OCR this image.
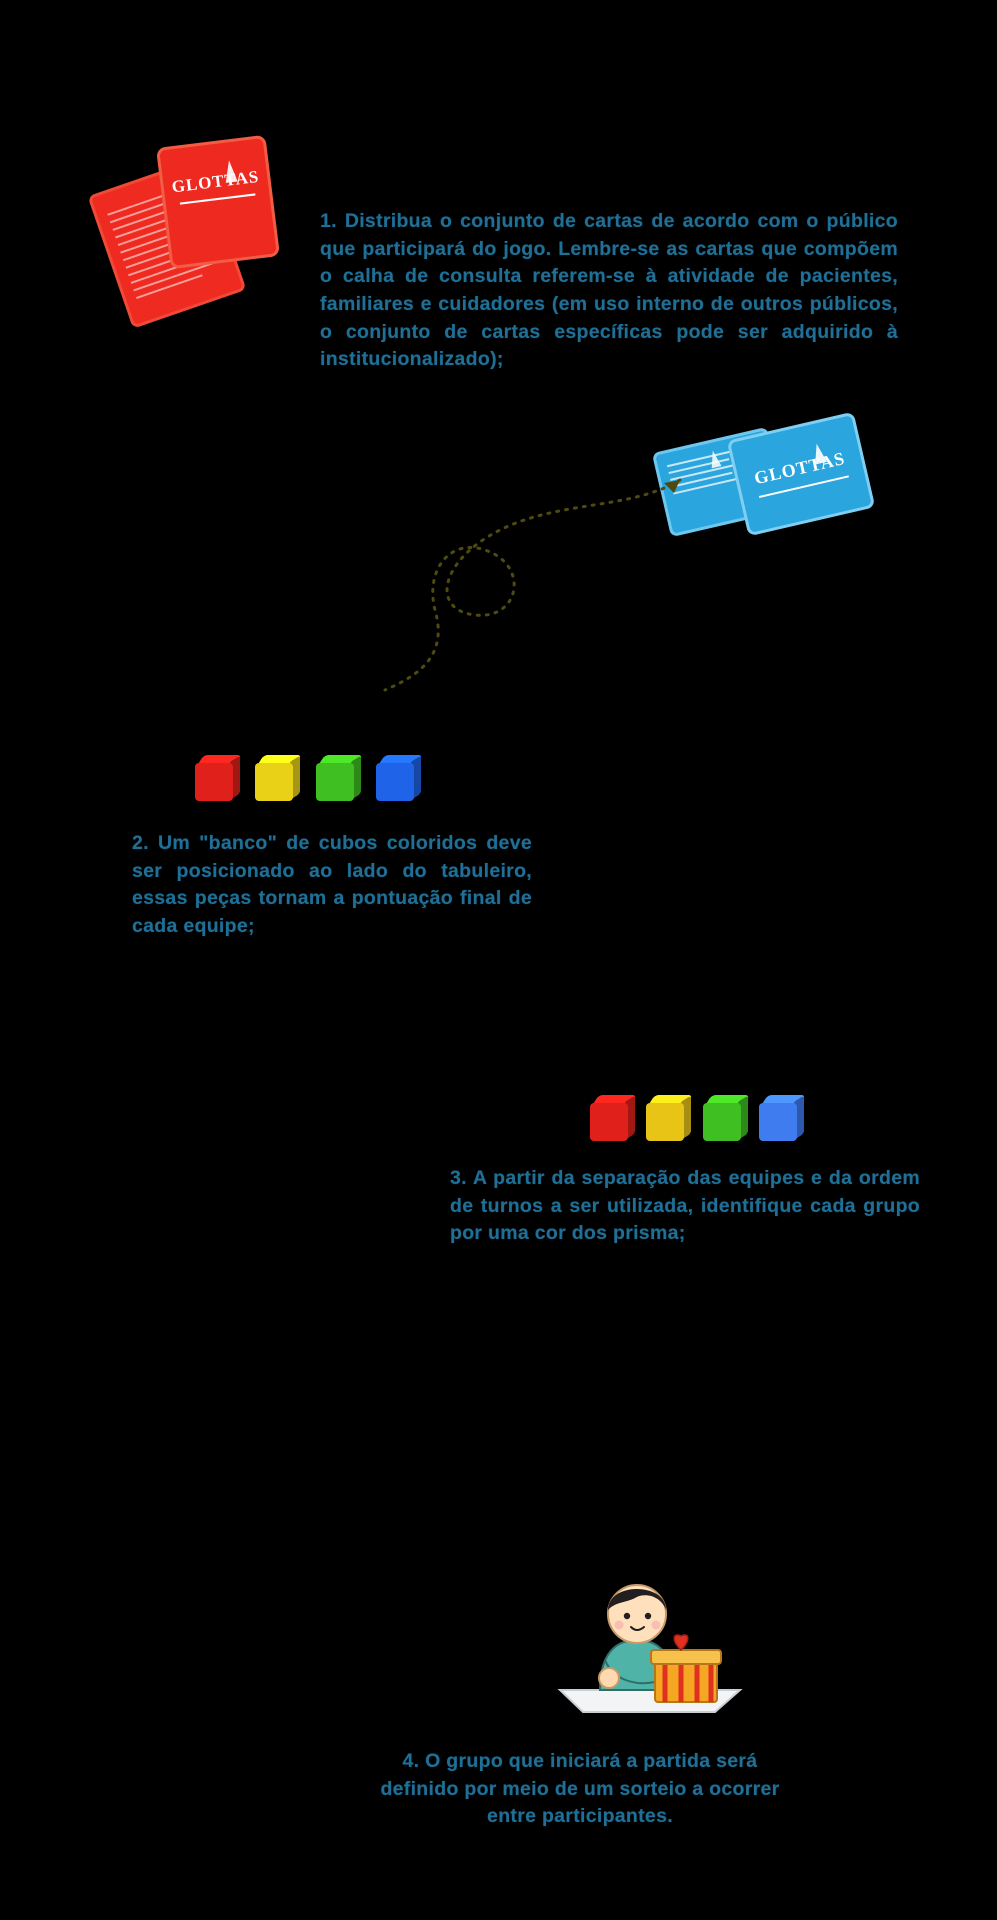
GLOTTAS
1. Distribua o conjunto de cartas de acordo com o público que participará do jogo. Lembre-se as cartas que compõem o calha de consulta referem-se à atividade de pacientes, familiares e cuidadores (em uso interno de outros públicos, o conjunto de cartas específicas pode ser adquirido à institucionalizado);
GLOTTAS

2. Um "banco" de cubos coloridos deve ser posicionado ao lado do tabuleiro, essas peças tornam a pontuação final de cada equipe;

3. A partir da separação das equipes e da ordem de turnos a ser utilizada, identifique cada grupo por uma cor dos prisma;
4. O grupo que iniciará a partida será definido por meio de um sorteio a ocorrer entre participantes.
